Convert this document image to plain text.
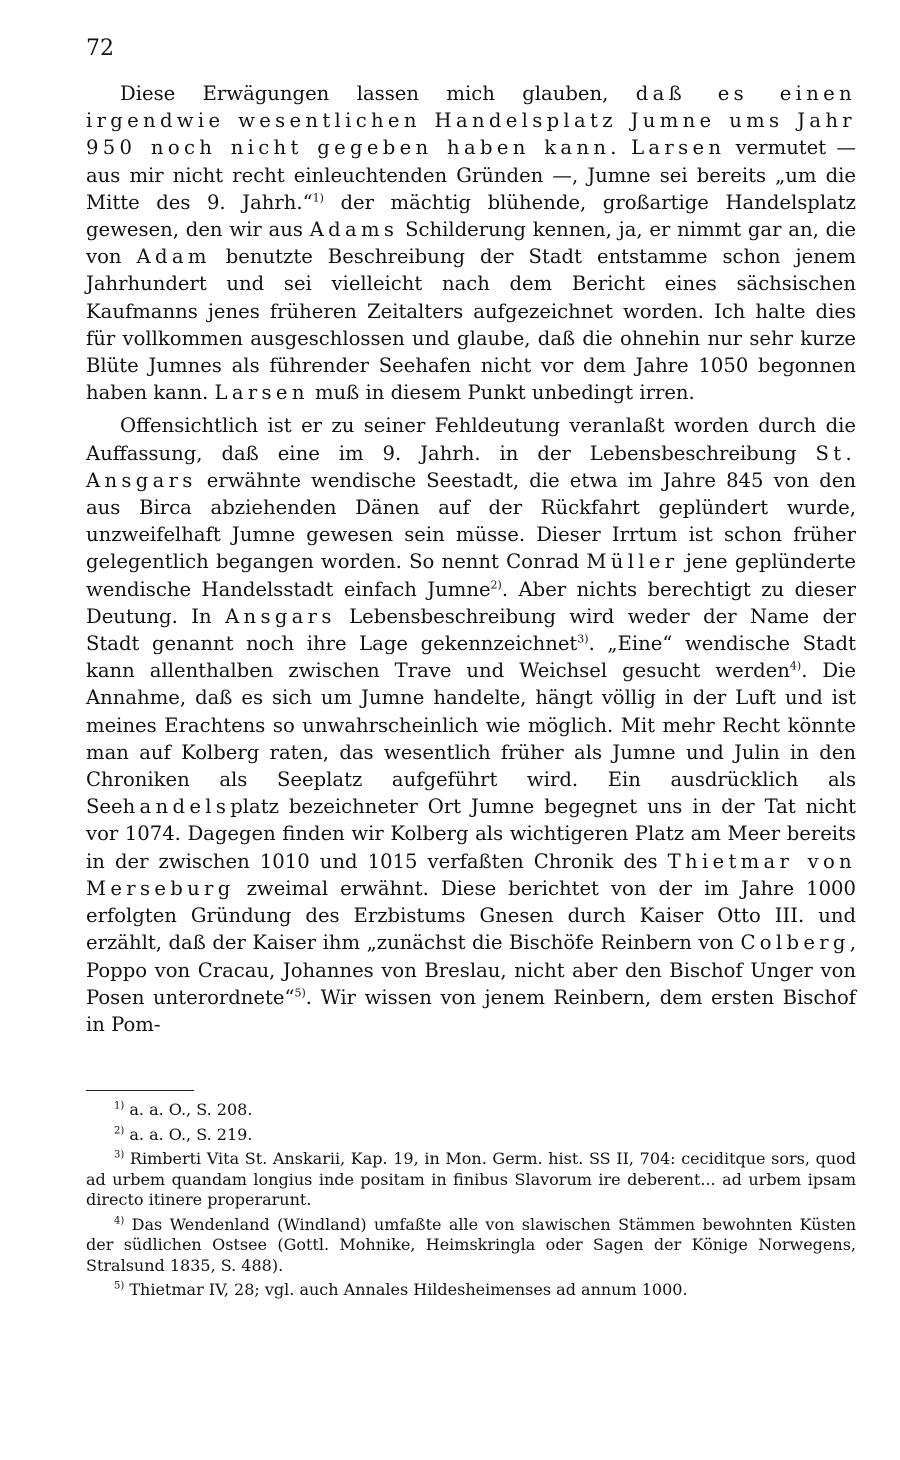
72

Diese Erwägungen lassen mich glauben, daß es einen irgendwie wesentlichen Handelsplatz Jumne ums Jahr 950 noch nicht gegeben haben kann. Larsen vermutet — aus mir nicht recht einleuchtenden Gründen —, Jumne sei bereits „um die Mitte des 9. Jahrh.“$^{1)}$ der mächtig blühende, großartige Handelsplatz gewesen, den wir aus Adams Schilderung kennen, ja, er nimmt gar an, die von Adam benutzte Beschreibung der Stadt entstamme schon jenem Jahrhundert und sei vielleicht nach dem Bericht eines sächsischen Kaufmanns jenes früheren Zeitalters aufgezeichnet worden. Ich halte dies für vollkommen ausgeschlossen und glaube, daß die ohnehin nur sehr kurze Blüte Jumnes als führender Seehafen nicht vor dem Jahre 1050 begonnen haben kann. Larsen muß in diesem Punkt unbedingt irren.

Offensichtlich ist er zu seiner Fehldeutung veranlaßt worden durch die Auffassung, daß eine im 9. Jahrh. in der Lebensbeschreibung St. Ansgars erwähnte wendische Seestadt, die etwa im Jahre 845 von den aus Birca abziehenden Dänen auf der Rückfahrt geplündert wurde, unzweifelhaft Jumne gewesen sein müsse. Dieser Irrtum ist schon früher gelegentlich begangen worden. So nennt Conrad Müller jene geplünderte wendische Handelsstadt einfach Jumne$^{2)}$. Aber nichts berechtigt zu dieser Deutung. In Ansgars Lebensbeschreibung wird weder der Name der Stadt genannt noch ihre Lage gekennzeichnet$^{3)}$. „Eine“ wendische Stadt kann allenthalben zwischen Trave und Weichsel gesucht werden$^{4)}$. Die Annahme, daß es sich um Jumne handelte, hängt völlig in der Luft und ist meines Erachtens so unwahrscheinlich wie möglich. Mit mehr Recht könnte man auf Kolberg raten, das wesentlich früher als Jumne und Julin in den Chroniken als Seeplatz aufgeführt wird. Ein ausdrücklich als Seehandelsplatz bezeichneter Ort Jumne begegnet uns in der Tat nicht vor 1074. Dagegen finden wir Kolberg als wichtigeren Platz am Meer bereits in der zwischen 1010 und 1015 verfaßten Chronik des Thietmar von Merseburg zweimal erwähnt. Diese berichtet von der im Jahre 1000 erfolgten Gründung des Erzbistums Gnesen durch Kaiser Otto III. und erzählt, daß der Kaiser ihm „zunächst die Bischöfe Reinbern von Colberg, Poppo von Cracau, Johannes von Breslau, nicht aber den Bischof Unger von Posen unterordnete“$^{5)}$. Wir wissen von jenem Reinbern, dem ersten Bischof in Pom-

$^{1)}$ a. a. O., S. 208.

$^{2)}$ a. a. O., S. 219.

$^{3)}$ Rimberti Vita St. Anskarii, Kap. 19, in Mon. Germ. hist. SS II, 704: ceciditque sors, quod ad urbem quandam longius inde positam in finibus Slavorum ire deberent... ad urbem ipsam directo itinere properarunt.

$^{4)}$ Das Wendenland (Windland) umfaßte alle von slawischen Stämmen bewohnten Küsten der südlichen Ostsee (Gottl. Mohnike, Heimskringla oder Sagen der Könige Norwegens, Stralsund 1835, S. 488).

$^{5)}$ Thietmar IV, 28; vgl. auch Annales Hildesheimenses ad annum 1000.
